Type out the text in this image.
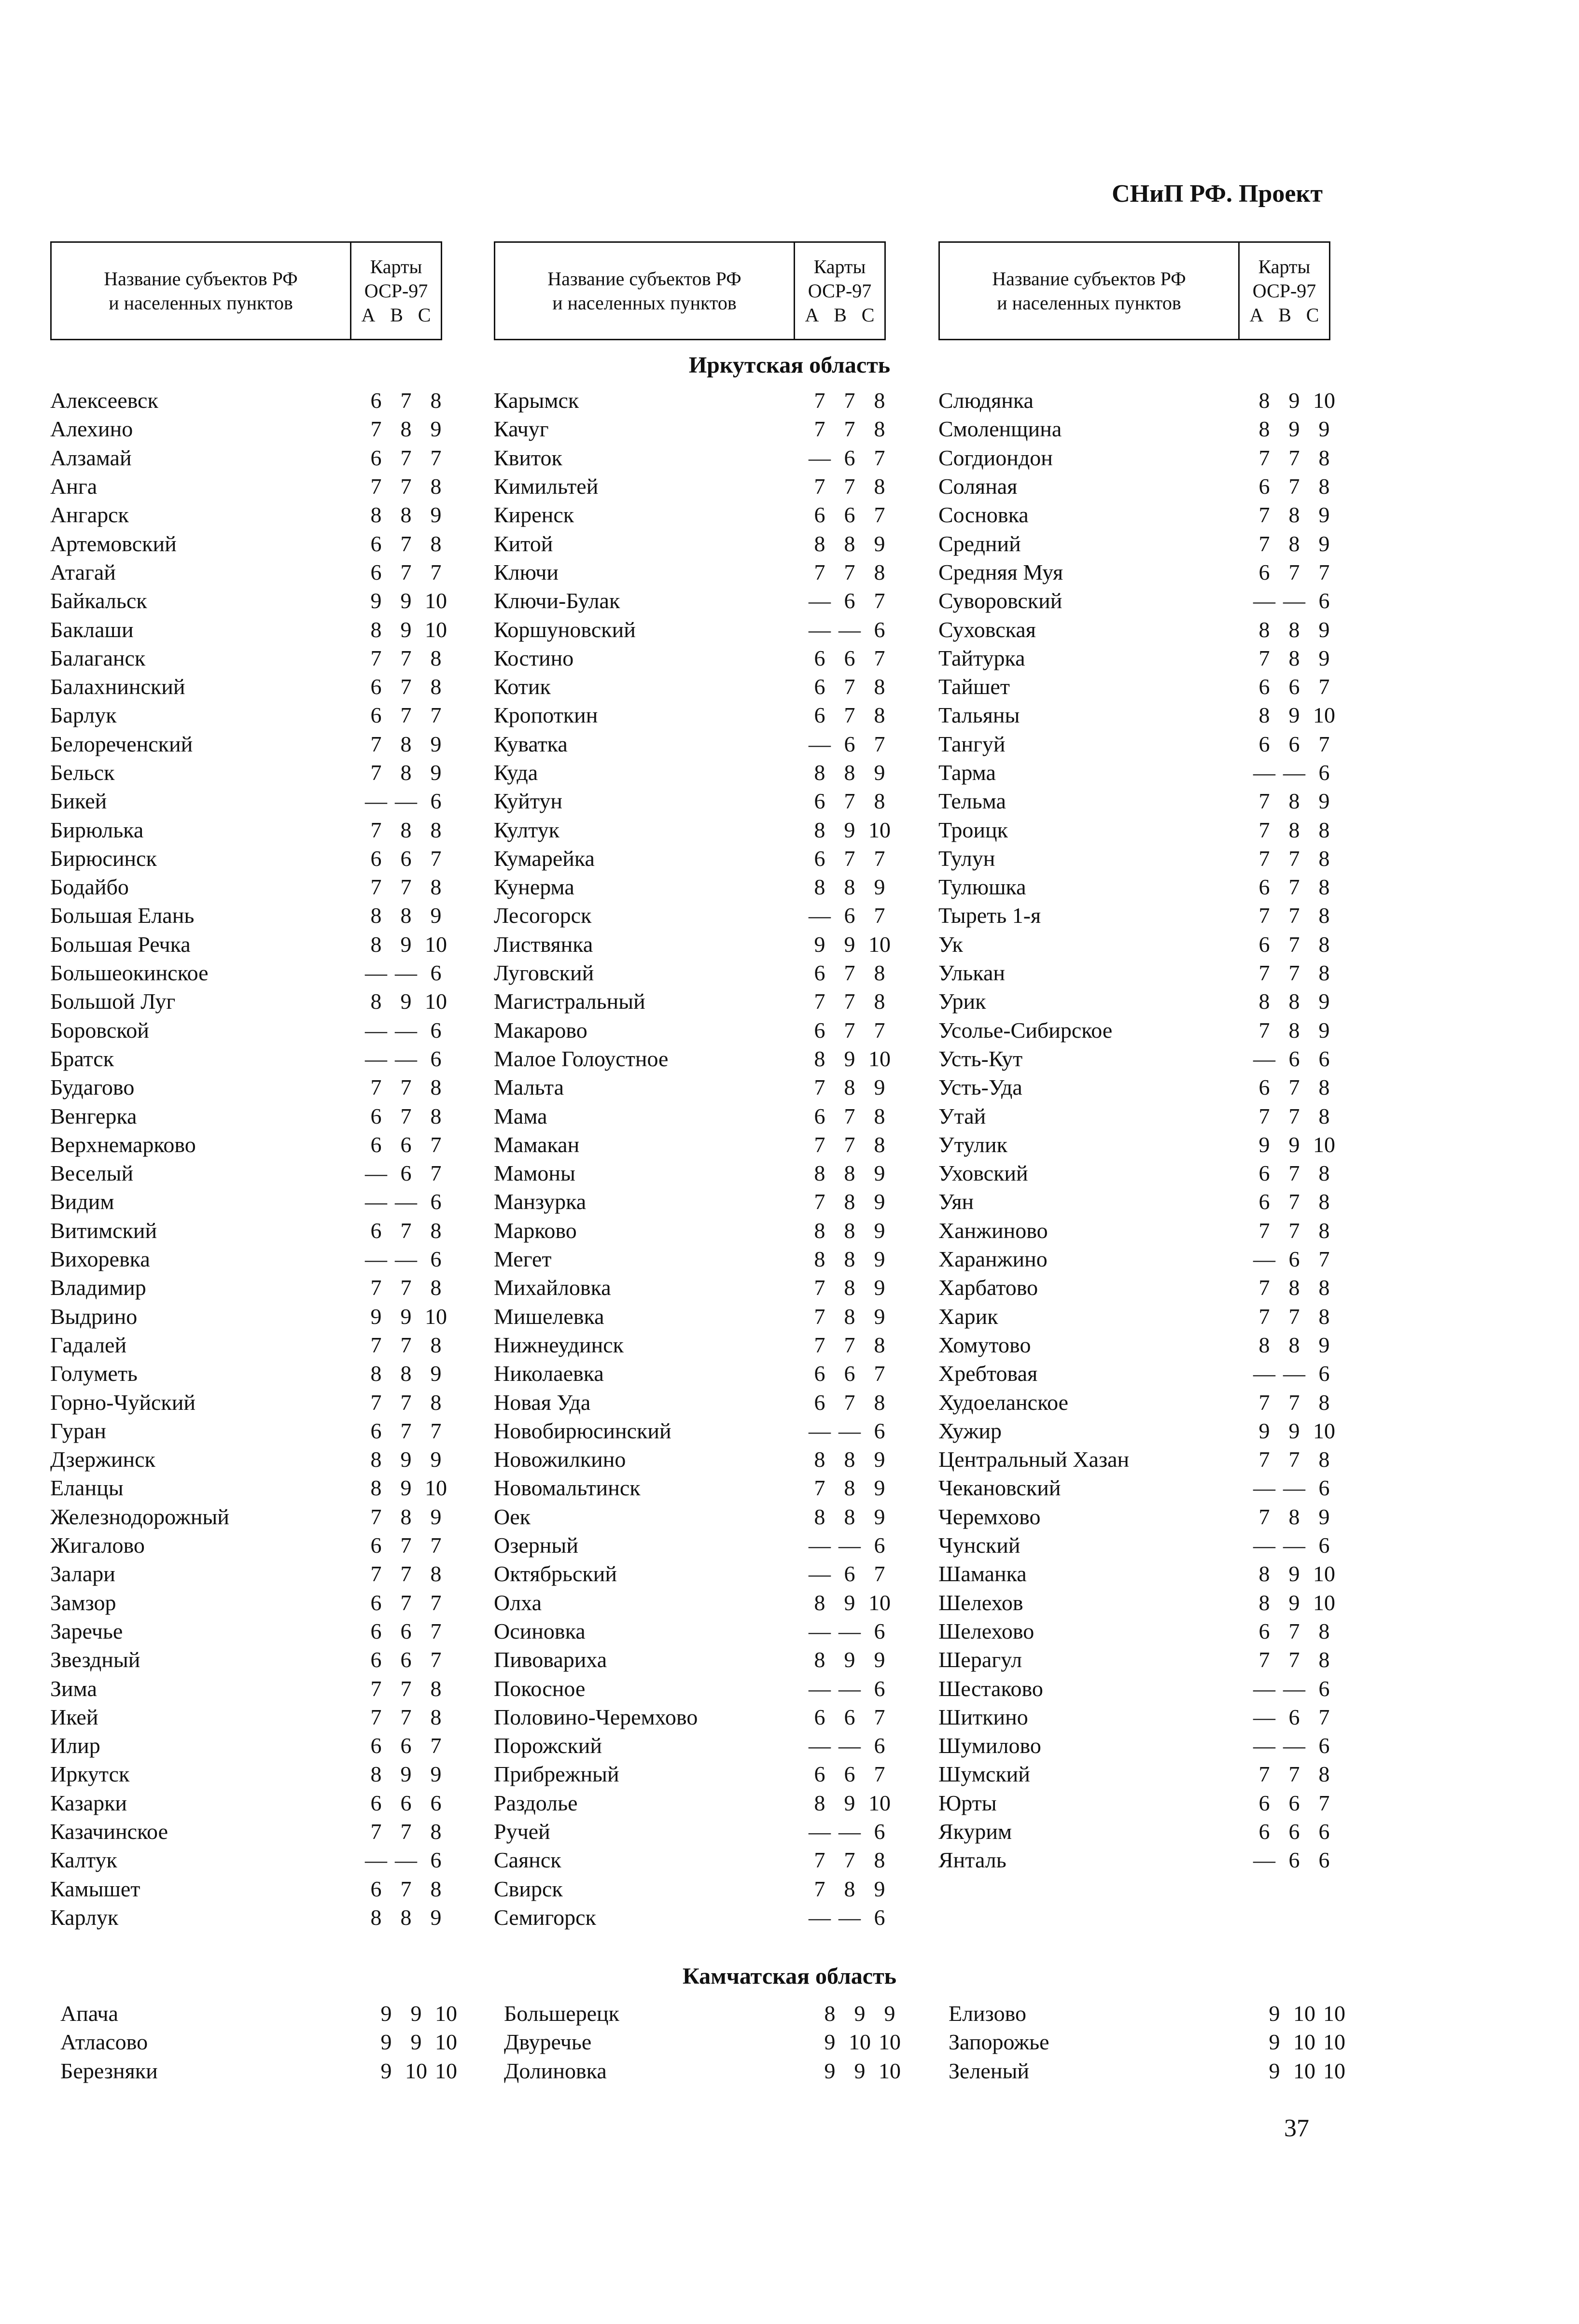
СНиП РФ. Проект
Название субъектов РФ
и населенных пунктов
Карты
ОСР-97
A B C
Название субъектов РФ
и населенных пунктов
Карты
ОСР-97
A B C
Название субъектов РФ
и населенных пунктов
Карты
ОСР-97
A B C
Иркутская область
Алексеевск	6 7 8
Алехино	7 8 9
Алзамай	6 7 7
Анга	7 7 8
Ангарск	8 8 9
Артемовский	6 7 8
Атагай	6 7 7
Байкальск	9 9 10
Баклаши	8 9 10
Балаганск	7 7 8
Балахнинский	6 7 8
Барлук	6 7 7
Белореченский	7 8 9
Бельск	7 8 9
Бикей	— — 6
Бирюлька	7 8 8
Бирюсинск	6 6 7
Бодайбо	7 7 8
Большая Елань	8 8 9
Большая Речка	8 9 10
Большеокинское	— — 6
Большой Луг	8 9 10
Боровской	— — 6
Братск	— — 6
Будагово	7 7 8
Венгерка	6 7 8
Верхнемарково	6 6 7
Веселый	— 6 7
Видим	— — 6
Витимский	6 7 8
Вихоревка	— — 6
Владимир	7 7 8
Выдрино	9 9 10
Гадалей	7 7 8
Голуметь	8 8 9
Горно-Чуйский	7 7 8
Гуран	6 7 7
Дзержинск	8 9 9
Еланцы	8 9 10
Железнодорожный	7 8 9
Жигалово	6 7 7
Залари	7 7 8
Замзор	6 7 7
Заречье	6 6 7
Звездный	6 6 7
Зима	7 7 8
Икей	7 7 8
Илир	6 6 7
Иркутск	8 9 9
Казарки	6 6 6
Казачинское	7 7 8
Калтук	— — 6
Камышет	6 7 8
Карлук	8 8 9
Карымск	7 7 8
Качуг	7 7 8
Квиток	— 6 7
Кимильтей	7 7 8
Киренск	6 6 7
Китой	8 8 9
Ключи	7 7 8
Ключи-Булак	— 6 7
Коршуновский	— — 6
Костино	6 6 7
Котик	6 7 8
Кропоткин	6 7 8
Куватка	— 6 7
Куда	8 8 9
Куйтун	6 7 8
Култук	8 9 10
Кумарейка	6 7 7
Кунерма	8 8 9
Лесогорск	— 6 7
Листвянка	9 9 10
Луговский	6 7 8
Магистральный	7 7 8
Макарово	6 7 7
Малое Голоустное	8 9 10
Мальта	7 8 9
Мама	6 7 8
Мамакан	7 7 8
Мамоны	8 8 9
Манзурка	7 8 9
Марково	8 8 9
Мегет	8 8 9
Михайловка	7 8 9
Мишелевка	7 8 9
Нижнеудинск	7 7 8
Николаевка	6 6 7
Новая Уда	6 7 8
Новобирюсинский	— — 6
Новожилкино	8 8 9
Новомальтинск	7 8 9
Оек	8 8 9
Озерный	— — 6
Октябрьский	— 6 7
Олха	8 9 10
Осиновка	— — 6
Пивовариха	8 9 9
Покосное	— — 6
Половино-Черемхово	6 6 7
Порожский	— — 6
Прибрежный	6 6 7
Раздолье	8 9 10
Ручей	— — 6
Саянск	7 7 8
Свирск	7 8 9
Семигорск	— — 6
Слюдянка	8 9 10
Смоленщина	8 9 9
Согдиондон	7 7 8
Соляная	6 7 8
Сосновка	7 8 9
Средний	7 8 9
Средняя Муя	6 7 7
Суворовский	— — 6
Суховская	8 8 9
Тайтурка	7 8 9
Тайшет	6 6 7
Тальяны	8 9 10
Тангуй	6 6 7
Тарма	— — 6
Тельма	7 8 9
Троицк	7 8 8
Тулун	7 7 8
Тулюшка	6 7 8
Тыреть 1-я	7 7 8
Ук	6 7 8
Улькан	7 7 8
Урик	8 8 9
Усолье-Сибирское	7 8 9
Усть-Кут	— 6 6
Усть-Уда	6 7 8
Утай	7 7 8
Утулик	9 9 10
Уховский	6 7 8
Уян	6 7 8
Ханжиново	7 7 8
Харанжино	— 6 7
Харбатово	7 8 8
Харик	7 7 8
Хомутово	8 8 9
Хребтовая	— — 6
Худоеланское	7 7 8
Хужир	9 9 10
Центральный Хазан	7 7 8
Чекановский	— — 6
Черемхово	7 8 9
Чунский	— — 6
Шаманка	8 9 10
Шелехов	8 9 10
Шелехово	6 7 8
Шерагул	7 7 8
Шестаково	— — 6
Шиткино	— 6 7
Шумилово	— — 6
Шумский	7 7 8
Юрты	6 6 7
Якурим	6 6 6
Янталь	— 6 6
Камчатская область
Апача	9 9 10
Атласово	9 9 10
Березняки	9 10 10
Большерецк	8 9 9
Двуречье	9 10 10
Долиновка	9 9 10
Елизово	9 10 10
Запорожье	9 10 10
Зеленый	9 10 10
37
